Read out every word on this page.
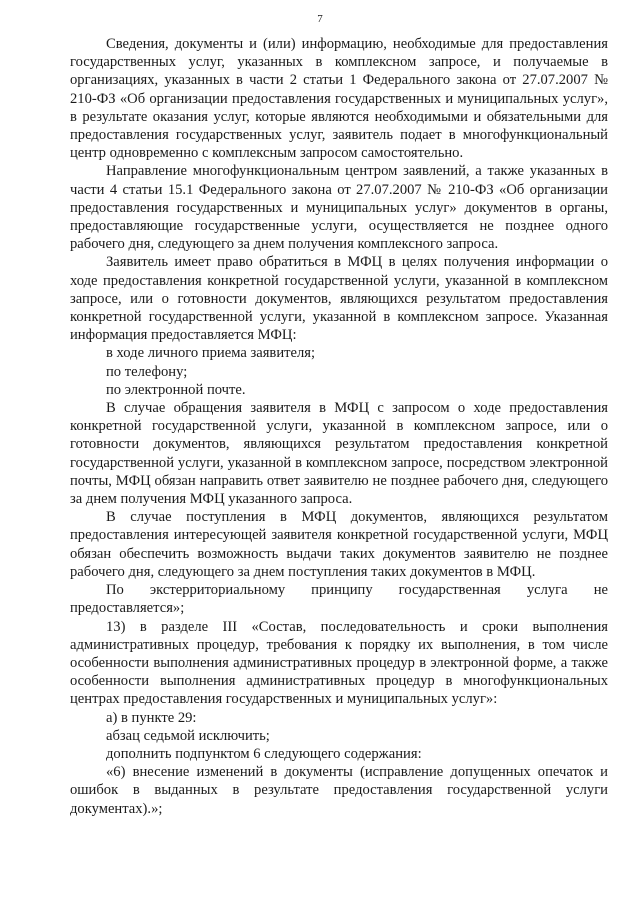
7

Сведения, документы и (или) информацию, необходимые для предоставления государственных услуг, указанных в комплексном запросе, и получаемые в организациях, указанных в части 2 статьи 1 Федерального закона от 27.07.2007 № 210-ФЗ «Об организации предоставления государственных и муниципальных услуг», в результате оказания услуг, которые являются необходимыми и обязательными для предоставления государственных услуг, заявитель подает в многофункциональный центр одновременно с комплексным запросом самостоятельно.

Направление многофункциональным центром заявлений, а также указанных в части 4 статьи 15.1 Федерального закона от 27.07.2007 № 210-ФЗ «Об организации предоставления государственных и муниципальных услуг» документов в органы, предоставляющие государственные услуги, осуществляется не позднее одного рабочего дня, следующего за днем получения комплексного запроса.

Заявитель имеет право обратиться в МФЦ в целях получения информации о ходе предоставления конкретной государственной услуги, указанной в комплексном запросе, или о готовности документов, являющихся результатом предоставления конкретной государственной услуги, указанной в комплексном запросе. Указанная информация предоставляется МФЦ:

в ходе личного приема заявителя;

по телефону;

по электронной почте.

В случае обращения заявителя в МФЦ с запросом о ходе предоставления конкретной государственной услуги, указанной в комплексном запросе, или о готовности документов, являющихся результатом предоставления конкретной государственной услуги, указанной в комплексном запросе, посредством электронной почты, МФЦ обязан направить ответ заявителю не позднее рабочего дня, следующего за днем получения МФЦ указанного запроса.

В случае поступления в МФЦ документов, являющихся результатом предоставления интересующей заявителя конкретной государственной услуги, МФЦ обязан обеспечить возможность выдачи таких документов заявителю не позднее рабочего дня, следующего за днем поступления таких документов в МФЦ.

По экстерриториальному принципу государственная услуга не предоставляется»;

13) в разделе III «Состав, последовательность и сроки выполнения административных процедур, требования к порядку их выполнения, в том числе особенности выполнения административных процедур в электронной форме, а также особенности выполнения административных процедур в многофункциональных центрах предоставления государственных и муниципальных услуг»:

а) в пункте 29:

абзац седьмой исключить;

дополнить подпунктом 6 следующего содержания:

«6) внесение изменений в документы (исправление допущенных опечаток и ошибок в выданных в результате предоставления государственной услуги документах).»;
